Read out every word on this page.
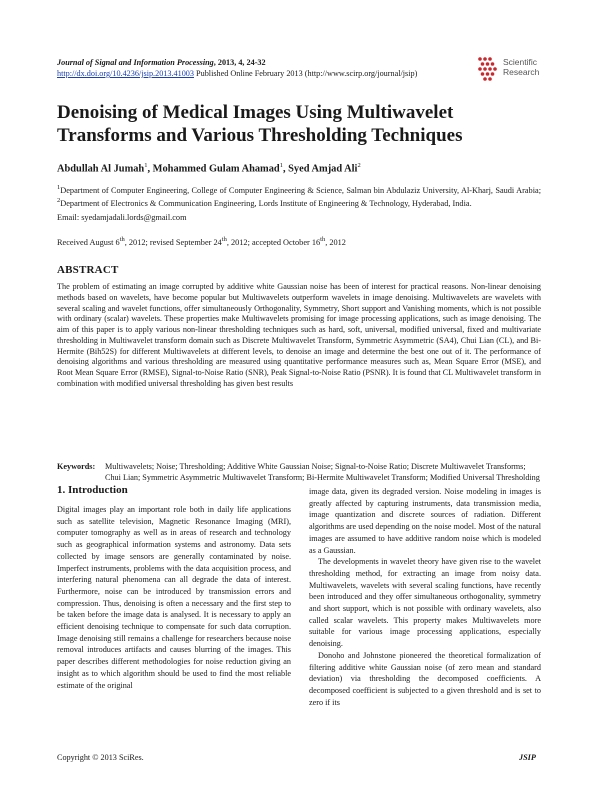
Journal of Signal and Information Processing, 2013, 4, 24-32
http://dx.doi.org/10.4236/jsip.2013.41003 Published Online February 2013 (http://www.scirp.org/journal/jsip)
Scientific
Research
Denoising of Medical Images Using Multiwavelet
Transforms and Various Thresholding Techniques
Abdullah Al Jumah$^1$, Mohammed Gulam Ahamad$^1$, Syed Amjad Ali$^2$
$^1$Department of Computer Engineering, College of Computer Engineering & Science, Salman bin Abdulaziz University, Al-Kharj, Saudi Arabia; $^2$Department of Electronics & Communication Engineering, Lords Institute of Engineering & Technology, Hyderabad, India.
Email: syedamjadali.lords@gmail.com
Received August 6th, 2012; revised September 24th, 2012; accepted October 16th, 2012
ABSTRACT

The problem of estimating an image corrupted by additive white Gaussian noise has been of interest for practical reasons. Non-linear denoising methods based on wavelets, have become popular but Multiwavelets outperform wavelets in image denoising. Multiwavelets are wavelets with several scaling and wavelet functions, offer simultaneously Orthogonality, Symmetry, Short support and Vanishing moments, which is not possible with ordinary (scalar) wavelets. These properties make Multiwavelets promising for image processing applications, such as image denoising. The aim of this paper is to apply various non-linear thresholding techniques such as hard, soft, universal, modified universal, fixed and multivariate thresholding in Multiwavelet transform domain such as Discrete Multiwavelet Transform, Symmetric Asymmetric (SA4), Chui Lian (CL), and Bi-Hermite (Bih52S) for different Multiwavelets at different levels, to denoise an image and determine the best one out of it. The performance of denoising algorithms and various thresholding are measured using quantitative performance measures such as, Mean Square Error (MSE), and Root Mean Square Error (RMSE), Signal-to-Noise Ratio (SNR), Peak Signal-to-Noise Ratio (PSNR). It is found that CL Multiwavelet transform in combination with modified universal thresholding has given best results

Keywords:	Multiwavelets; Noise; Thresholding; Additive White Gaussian Noise; Signal-to-Noise Ratio; Discrete Multiwavelet Transforms; Chui Lian; Symmetric Asymmetric Multiwavelet Transform; Bi-Hermite Multiwavelet Transform; Modified Universal Thresholding
1. Introduction

Digital images play an important role both in daily life applications such as satellite television, Magnetic Resonance Imaging (MRI), computer tomography as well as in areas of research and technology such as geographical information systems and astronomy. Data sets collected by image sensors are generally contaminated by noise. Imperfect instruments, problems with the data acquisition process, and interfering natural phenomena can all degrade the data of interest. Furthermore, noise can be introduced by transmission errors and compression. Thus, denoising is often a necessary and the first step to be taken before the image data is analysed. It is necessary to apply an efficient denoising technique to compensate for such data corruption. Image denoising still remains a challenge for researchers because noise removal introduces artifacts and causes blurring of the images. This paper describes different methodologies for noise reduction giving an insight as to which algorithm should be used to find the most reliable estimate of the original

image data, given its degraded version. Noise modeling in images is greatly affected by capturing instruments, data transmission media, image quantization and discrete sources of radiation. Different algorithms are used depending on the noise model. Most of the natural images are assumed to have additive random noise which is modeled as a Gaussian.

The developments in wavelet theory have given rise to the wavelet thresholding method, for extracting an image from noisy data. Multiwavelets, wavelets with several scaling functions, have recently been introduced and they offer simultaneous orthogonality, symmetry and short support, which is not possible with ordinary wavelets, also called scalar wavelets. This property makes Multiwavelets more suitable for various image processing applications, especially denoising.

Donoho and Johnstone pioneered the theoretical formalization of filtering additive white Gaussian noise (of zero mean and standard deviation) via thresholding the decomposed coefficients. A decomposed coefficient is subjected to a given threshold and is set to zero if its

Copyright © 2013 SciRes.	JSIP
